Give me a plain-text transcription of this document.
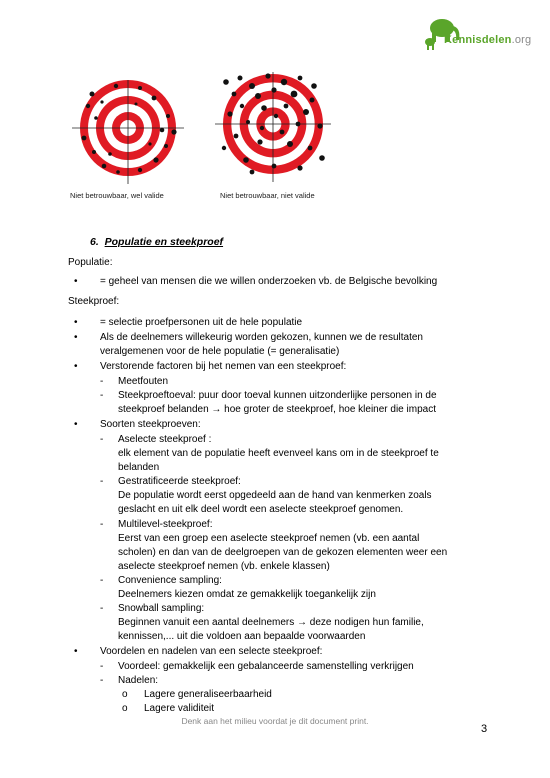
Kennisdelen.org
Niet betrouwbaar, wel valide	Niet betrouwbaar, niet valide
6. Populatie en steekproef
Populatie:
• = geheel van mensen die we willen onderzoeken vb. de Belgische bevolking
Steekproef:
• = selectie proefpersonen uit de hele populatie
• Als de deelnemers willekeurig worden gekozen, kunnen we de resultaten
veralgemenen voor de hele populatie (= generalisatie)
• Verstorende factoren bij het nemen van een steekproef:
- Meetfouten
- Steekproeftoeval: puur door toeval kunnen uitzonderlijke personen in de
steekproef belanden → hoe groter de steekproef, hoe kleiner die impact
• Soorten steekproeven:
- Aselecte steekproef :
elk element van de populatie heeft evenveel kans om in de steekproef te
belanden
- Gestratificeerde steekproef:
De populatie wordt eerst opgedeeld aan de hand van kenmerken zoals
geslacht en uit elk deel wordt een aselecte steekproef genomen.
- Multilevel-steekproef:
Eerst van een groep een aselecte steekproef nemen (vb. een aantal
scholen) en dan van de deelgroepen van de gekozen elementen weer een
aselecte steekproef nemen (vb. enkele klassen)
- Convenience sampling:
Deelnemers kiezen omdat ze gemakkelijk toegankelijk zijn
- Snowball sampling:
Beginnen vanuit een aantal deelnemers → deze nodigen hun familie,
kennissen,... uit die voldoen aan bepaalde voorwaarden
• Voordelen en nadelen van een selecte steekproef:
- Voordeel: gemakkelijk een gebalanceerde samenstelling verkrijgen
- Nadelen:
o Lagere generaliseerbaarheid
o Lagere validiteit
Denk aan het milieu voordat je dit document print.
3
